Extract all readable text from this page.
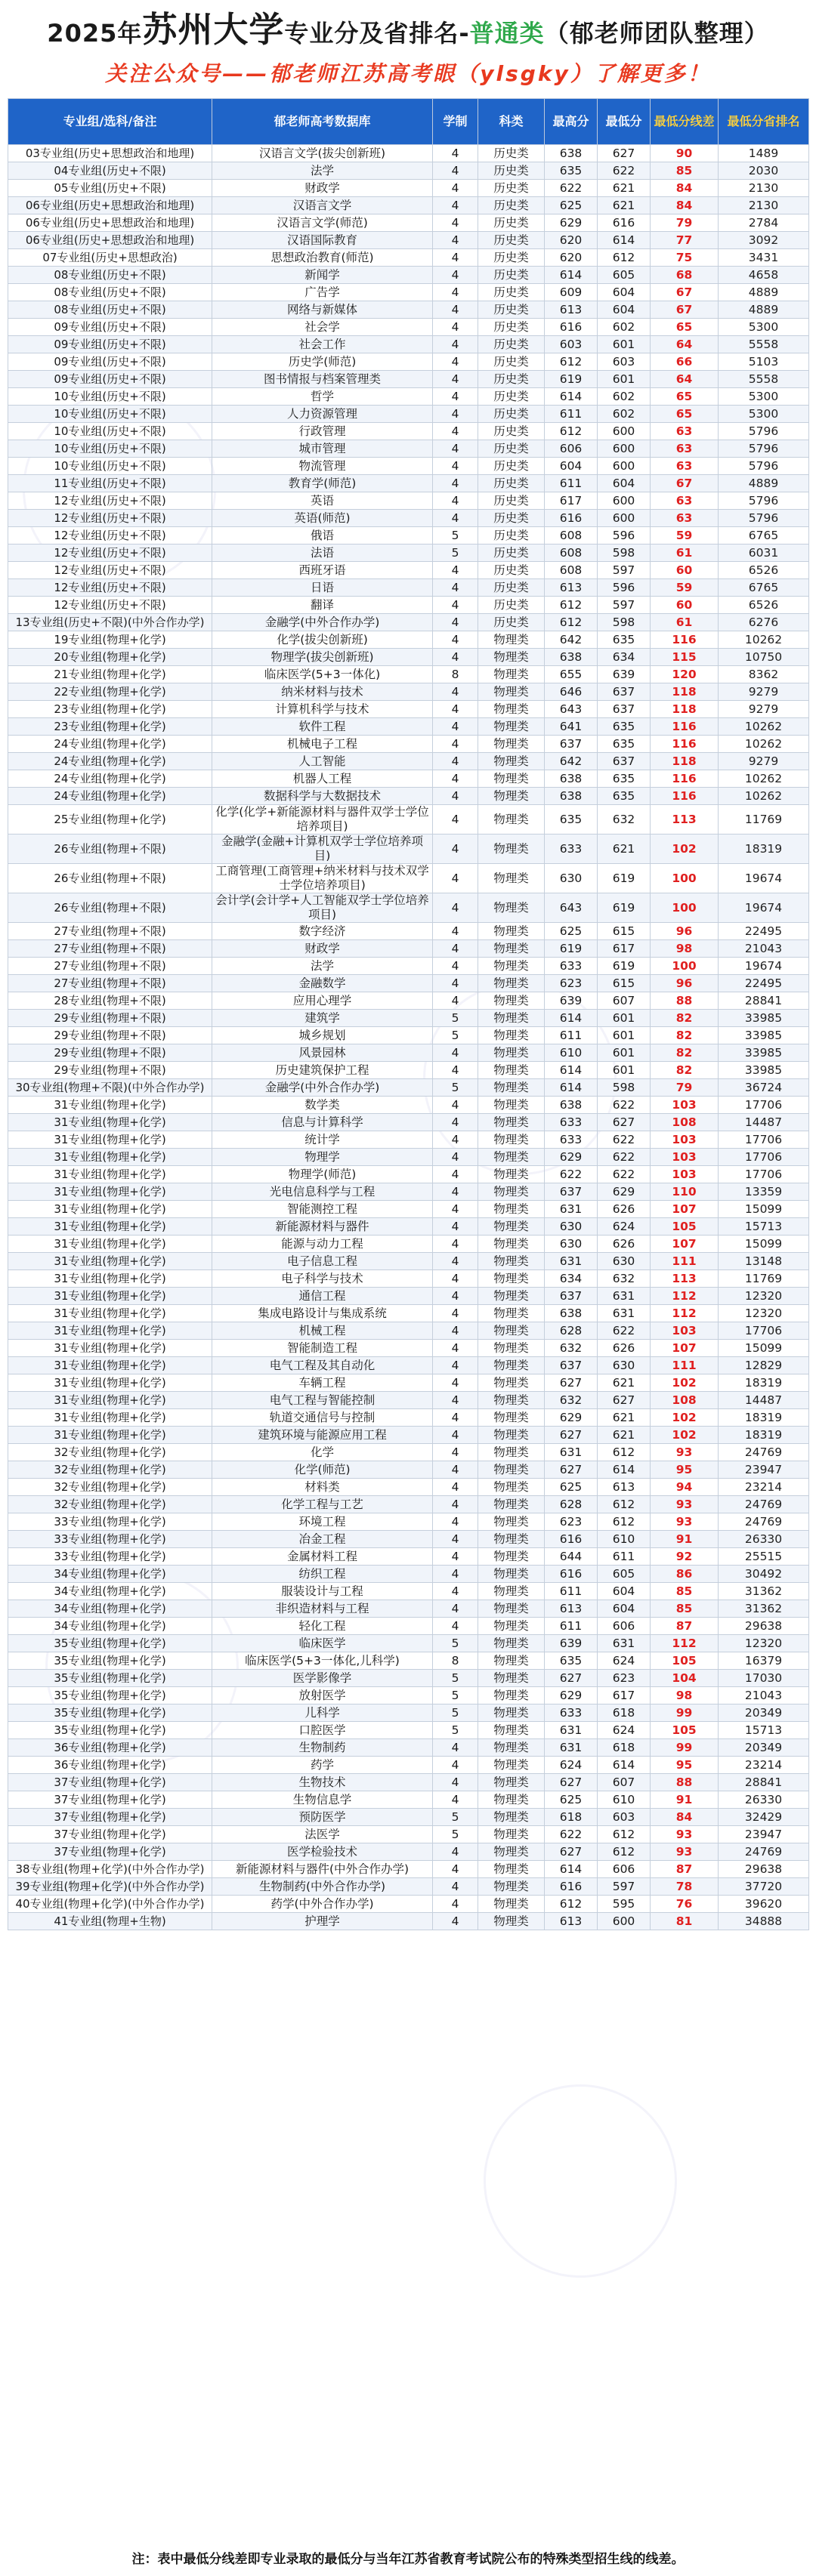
2025年苏州大学专业分及省排名-普通类（郁老师团队整理）
关注公众号——郁老师江苏高考眼（ylsgky）了解更多！
专业组/选科/备注	郁老师高考数据库	学制	科类	最高分	最低分	最低分线差	最低分省排名
03专业组(历史+思想政治和地理)	汉语言文学(拔尖创新班)	4	历史类	638	627	90	1489
04专业组(历史+不限)	法学	4	历史类	635	622	85	2030
05专业组(历史+不限)	财政学	4	历史类	622	621	84	2130
06专业组(历史+思想政治和地理)	汉语言文学	4	历史类	625	621	84	2130
06专业组(历史+思想政治和地理)	汉语言文学(师范)	4	历史类	629	616	79	2784
06专业组(历史+思想政治和地理)	汉语国际教育	4	历史类	620	614	77	3092
07专业组(历史+思想政治)	思想政治教育(师范)	4	历史类	620	612	75	3431
08专业组(历史+不限)	新闻学	4	历史类	614	605	68	4658
08专业组(历史+不限)	广告学	4	历史类	609	604	67	4889
08专业组(历史+不限)	网络与新媒体	4	历史类	613	604	67	4889
09专业组(历史+不限)	社会学	4	历史类	616	602	65	5300
09专业组(历史+不限)	社会工作	4	历史类	603	601	64	5558
09专业组(历史+不限)	历史学(师范)	4	历史类	612	603	66	5103
09专业组(历史+不限)	图书情报与档案管理类	4	历史类	619	601	64	5558
10专业组(历史+不限)	哲学	4	历史类	614	602	65	5300
10专业组(历史+不限)	人力资源管理	4	历史类	611	602	65	5300
10专业组(历史+不限)	行政管理	4	历史类	612	600	63	5796
10专业组(历史+不限)	城市管理	4	历史类	606	600	63	5796
10专业组(历史+不限)	物流管理	4	历史类	604	600	63	5796
11专业组(历史+不限)	教育学(师范)	4	历史类	611	604	67	4889
12专业组(历史+不限)	英语	4	历史类	617	600	63	5796
12专业组(历史+不限)	英语(师范)	4	历史类	616	600	63	5796
12专业组(历史+不限)	俄语	5	历史类	608	596	59	6765
12专业组(历史+不限)	法语	5	历史类	608	598	61	6031
12专业组(历史+不限)	西班牙语	4	历史类	608	597	60	6526
12专业组(历史+不限)	日语	4	历史类	613	596	59	6765
12专业组(历史+不限)	翻译	4	历史类	612	597	60	6526
13专业组(历史+不限)(中外合作办学)	金融学(中外合作办学)	4	历史类	612	598	61	6276
19专业组(物理+化学)	化学(拔尖创新班)	4	物理类	642	635	116	10262
20专业组(物理+化学)	物理学(拔尖创新班)	4	物理类	638	634	115	10750
21专业组(物理+化学)	临床医学(5+3一体化)	8	物理类	655	639	120	8362
22专业组(物理+化学)	纳米材料与技术	4	物理类	646	637	118	9279
23专业组(物理+化学)	计算机科学与技术	4	物理类	643	637	118	9279
23专业组(物理+化学)	软件工程	4	物理类	641	635	116	10262
24专业组(物理+化学)	机械电子工程	4	物理类	637	635	116	10262
24专业组(物理+化学)	人工智能	4	物理类	642	637	118	9279
24专业组(物理+化学)	机器人工程	4	物理类	638	635	116	10262
24专业组(物理+化学)	数据科学与大数据技术	4	物理类	638	635	116	10262
25专业组(物理+化学)	化学(化学+新能源材料与器件双学士学位培养项目)	4	物理类	635	632	113	11769
26专业组(物理+不限)	金融学(金融+计算机双学士学位培养项目)	4	物理类	633	621	102	18319
26专业组(物理+不限)	工商管理(工商管理+纳米材料与技术双学士学位培养项目)	4	物理类	630	619	100	19674
26专业组(物理+不限)	会计学(会计学+人工智能双学士学位培养项目)	4	物理类	643	619	100	19674
27专业组(物理+不限)	数字经济	4	物理类	625	615	96	22495
27专业组(物理+不限)	财政学	4	物理类	619	617	98	21043
27专业组(物理+不限)	法学	4	物理类	633	619	100	19674
27专业组(物理+不限)	金融数学	4	物理类	623	615	96	22495
28专业组(物理+不限)	应用心理学	4	物理类	639	607	88	28841
29专业组(物理+不限)	建筑学	5	物理类	614	601	82	33985
29专业组(物理+不限)	城乡规划	5	物理类	611	601	82	33985
29专业组(物理+不限)	风景园林	4	物理类	610	601	82	33985
29专业组(物理+不限)	历史建筑保护工程	4	物理类	614	601	82	33985
30专业组(物理+不限)(中外合作办学)	金融学(中外合作办学)	5	物理类	614	598	79	36724
31专业组(物理+化学)	数学类	4	物理类	638	622	103	17706
31专业组(物理+化学)	信息与计算科学	4	物理类	633	627	108	14487
31专业组(物理+化学)	统计学	4	物理类	633	622	103	17706
31专业组(物理+化学)	物理学	4	物理类	629	622	103	17706
31专业组(物理+化学)	物理学(师范)	4	物理类	622	622	103	17706
31专业组(物理+化学)	光电信息科学与工程	4	物理类	637	629	110	13359
31专业组(物理+化学)	智能测控工程	4	物理类	631	626	107	15099
31专业组(物理+化学)	新能源材料与器件	4	物理类	630	624	105	15713
31专业组(物理+化学)	能源与动力工程	4	物理类	630	626	107	15099
31专业组(物理+化学)	电子信息工程	4	物理类	631	630	111	13148
31专业组(物理+化学)	电子科学与技术	4	物理类	634	632	113	11769
31专业组(物理+化学)	通信工程	4	物理类	637	631	112	12320
31专业组(物理+化学)	集成电路设计与集成系统	4	物理类	638	631	112	12320
31专业组(物理+化学)	机械工程	4	物理类	628	622	103	17706
31专业组(物理+化学)	智能制造工程	4	物理类	632	626	107	15099
31专业组(物理+化学)	电气工程及其自动化	4	物理类	637	630	111	12829
31专业组(物理+化学)	车辆工程	4	物理类	627	621	102	18319
31专业组(物理+化学)	电气工程与智能控制	4	物理类	632	627	108	14487
31专业组(物理+化学)	轨道交通信号与控制	4	物理类	629	621	102	18319
31专业组(物理+化学)	建筑环境与能源应用工程	4	物理类	627	621	102	18319
32专业组(物理+化学)	化学	4	物理类	631	612	93	24769
32专业组(物理+化学)	化学(师范)	4	物理类	627	614	95	23947
32专业组(物理+化学)	材料类	4	物理类	625	613	94	23214
32专业组(物理+化学)	化学工程与工艺	4	物理类	628	612	93	24769
33专业组(物理+化学)	环境工程	4	物理类	623	612	93	24769
33专业组(物理+化学)	冶金工程	4	物理类	616	610	91	26330
33专业组(物理+化学)	金属材料工程	4	物理类	644	611	92	25515
34专业组(物理+化学)	纺织工程	4	物理类	616	605	86	30492
34专业组(物理+化学)	服装设计与工程	4	物理类	611	604	85	31362
34专业组(物理+化学)	非织造材料与工程	4	物理类	613	604	85	31362
34专业组(物理+化学)	轻化工程	4	物理类	611	606	87	29638
35专业组(物理+化学)	临床医学	5	物理类	639	631	112	12320
35专业组(物理+化学)	临床医学(5+3一体化,儿科学)	8	物理类	635	624	105	16379
35专业组(物理+化学)	医学影像学	5	物理类	627	623	104	17030
35专业组(物理+化学)	放射医学	5	物理类	629	617	98	21043
35专业组(物理+化学)	儿科学	5	物理类	633	618	99	20349
35专业组(物理+化学)	口腔医学	5	物理类	631	624	105	15713
36专业组(物理+化学)	生物制药	4	物理类	631	618	99	20349
36专业组(物理+化学)	药学	4	物理类	624	614	95	23214
37专业组(物理+化学)	生物技术	4	物理类	627	607	88	28841
37专业组(物理+化学)	生物信息学	4	物理类	625	610	91	26330
37专业组(物理+化学)	预防医学	5	物理类	618	603	84	32429
37专业组(物理+化学)	法医学	5	物理类	622	612	93	23947
37专业组(物理+化学)	医学检验技术	4	物理类	627	612	93	24769
38专业组(物理+化学)(中外合作办学)	新能源材料与器件(中外合作办学)	4	物理类	614	606	87	29638
39专业组(物理+化学)(中外合作办学)	生物制药(中外合作办学)	4	物理类	616	597	78	37720
40专业组(物理+化学)(中外合作办学)	药学(中外合作办学)	4	物理类	612	595	76	39620
41专业组(物理+生物)	护理学	4	物理类	613	600	81	34888
注：表中最低分线差即专业录取的最低分与当年江苏省教育考试院公布的特殊类型招生线的线差。
